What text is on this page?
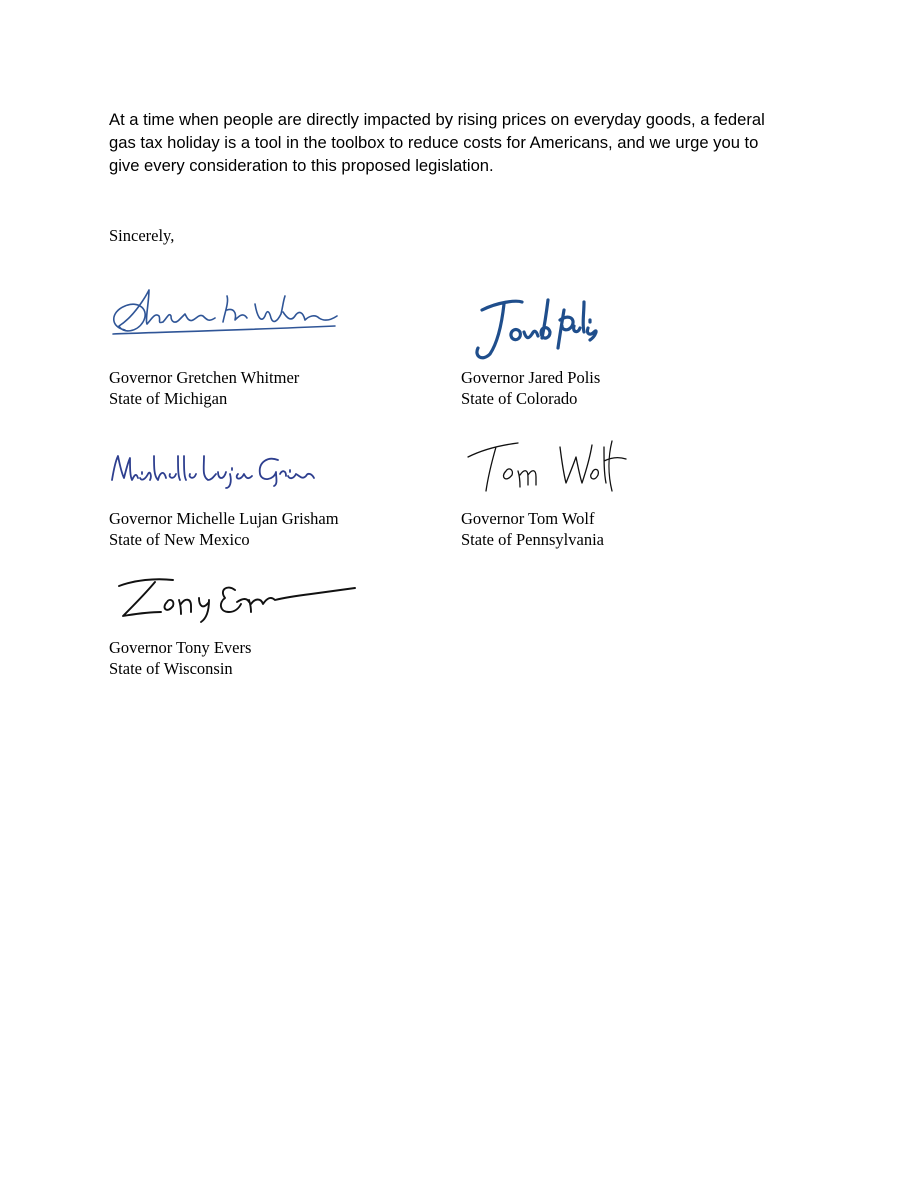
At a time when people are directly impacted by rising prices on everyday goods, a federal
gas tax holiday is a tool in the toolbox to reduce costs for Americans, and we urge you to
give every consideration to this proposed legislation.
Sincerely,
Governor Gretchen Whitmer
State of Michigan
Governor Jared Polis
State of Colorado
Governor Michelle Lujan Grisham
State of New Mexico
Governor Tom Wolf
State of Pennsylvania
Governor Tony Evers
State of Wisconsin
